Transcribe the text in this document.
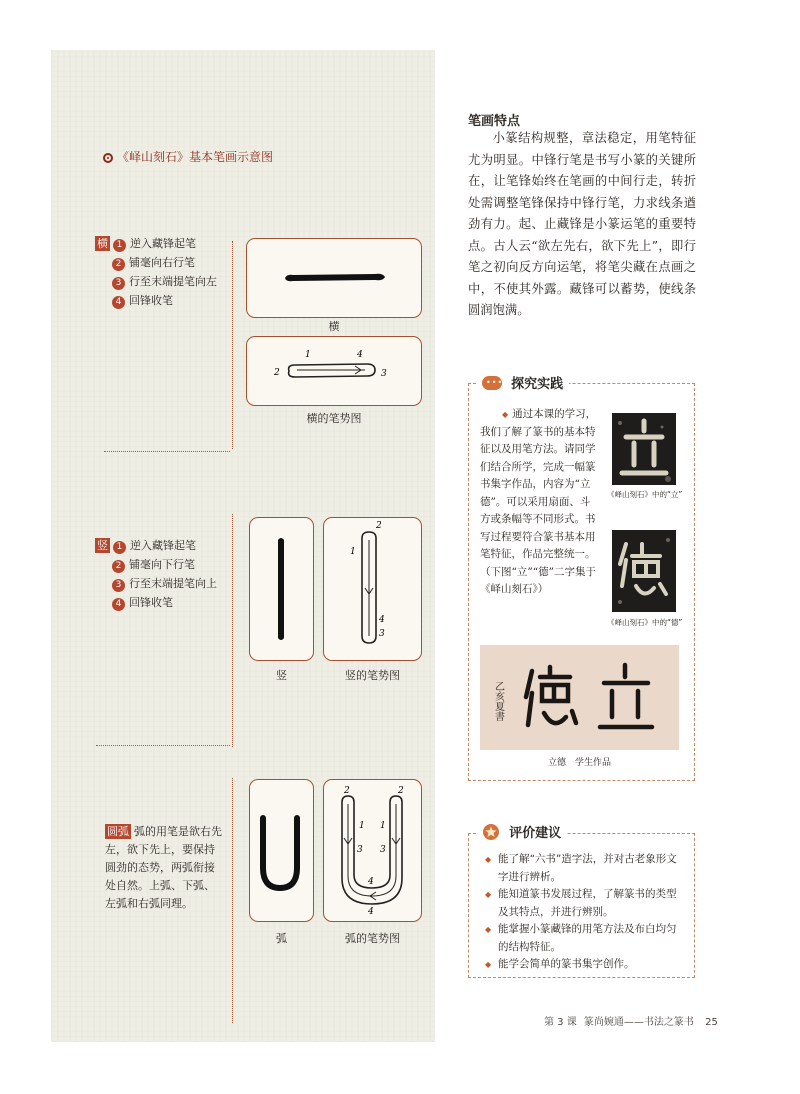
《峄山刻石》基本笔画示意图
横 1 逆入藏锋起笔
2 铺毫向右行笔
3 行至末端提笔向左
4 回锋收笔
横
1	4
2	3
横的笔势图
竖 1 逆入藏锋起笔
2 铺毫向下行笔
3 行至末端提笔向上
4 回锋收笔
竖
2
1
4
3
竖的笔势图
圆弧 弧的用笔是欲右先左，欲下先上，要保持圆劲的态势，两弧衔接处自然。上弧、下弧、左弧和右弧同理。
弧
2
1
3
2
1
3
4
4
弧的笔势图
笔画特点
小篆结构规整，章法稳定，用笔特征尤为明显。中锋行笔是书写小篆的关键所在，让笔锋始终在笔画的中间行走，转折处需调整笔锋保持中锋行笔，力求线条遒劲有力。起、止藏锋是小篆运笔的重要特点。古人云“欲左先右，欲下先上”，即行笔之初向反方向运笔，将笔尖藏在点画之中，不使其外露。藏锋可以蓄势，使线条圆润饱满。
••• 探究实践
◆ 通过本课的学习，我们了解了篆书的基本特征以及用笔方法。请同学们结合所学，完成一幅篆书集字作品，内容为“立德”。可以采用扇面、斗方或条幅等不同形式。书写过程要符合篆书基本用笔特征，作品完整统一。（下图“立”“德”二字集于《峄山刻石》）
《峄山刻石》中的“立”
《峄山刻石》中的“德”
乙亥夏書
立德　学生作品
评价建议
◆ 能了解“六书”造字法，并对古老象形文字进行辨析。
◆ 能知道篆书发展过程，了解篆书的类型及其特点，并进行辨别。
◆ 能掌握小篆藏锋的用笔方法及布白均匀的结构特征。
◆ 能学会简单的篆书集字创作。
第 3 课 篆尚婉通——书法之篆书 25
